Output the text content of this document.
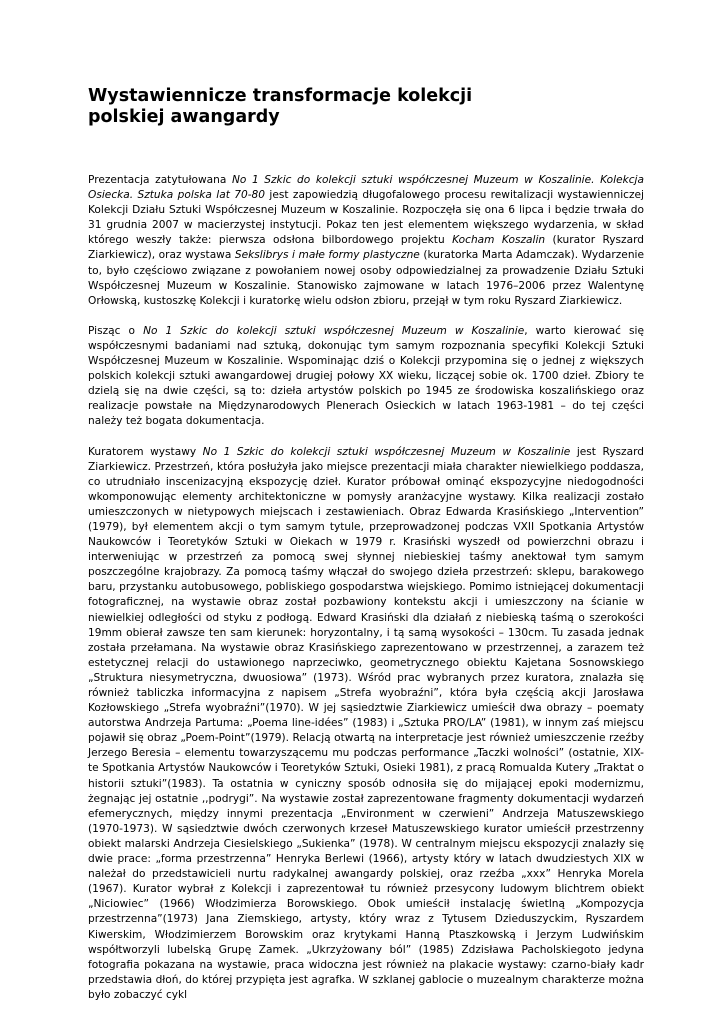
Wystawiennicze transformacje kolekcji
polskiej awangardy

Prezentacja zatytułowana No 1 Szkic do kolekcji sztuki współczesnej Muzeum w Koszalinie. Kolekcja Osiecka. Sztuka polska lat 70-80 jest zapowiedzią długofalowego procesu rewitalizacji wystawienniczej Kolekcji Działu Sztuki Współczesnej Muzeum w Koszalinie. Rozpoczęła się ona 6 lipca i będzie trwała do 31 grudnia 2007 w macierzystej instytucji. Pokaz ten jest elementem większego wydarzenia, w skład którego weszły także: pierwsza odsłona bilbordowego projektu Kocham Koszalin (kurator Ryszard Ziarkiewicz), oraz wystawa Sekslibrys i małe formy plastyczne (kuratorka Marta Adamczak). Wydarzenie to, było częściowo związane z powołaniem nowej osoby odpowiedzialnej za prowadzenie Działu Sztuki Współczesnej Muzeum w Koszalinie. Stanowisko zajmowane w latach 1976–2006 przez Walentynę Orłowską, kustoszkę Kolekcji i kuratorkę wielu odsłon zbioru, przejął w tym roku Ryszard Ziarkiewicz.

Pisząc o No 1 Szkic do kolekcji sztuki współczesnej Muzeum w Koszalinie, warto kierować się współczesnymi badaniami nad sztuką, dokonując tym samym rozpoznania specyfiki Kolekcji Sztuki Współczesnej Muzeum w Koszalinie. Wspominając dziś o Kolekcji przypomina się o jednej z większych polskich kolekcji sztuki awangardowej drugiej połowy XX wieku, liczącej sobie ok. 1700 dzieł. Zbiory te dzielą się na dwie części, są to: dzieła artystów polskich po 1945 ze środowiska koszalińskiego oraz realizacje powstałe na Międzynarodowych Plenerach Osieckich w latach 1963-1981 – do tej części należy też bogata dokumentacja.

Kuratorem wystawy No 1 Szkic do kolekcji sztuki współczesnej Muzeum w Koszalinie jest Ryszard Ziarkiewicz. Przestrzeń, która posłużyła jako miejsce prezentacji miała charakter niewielkiego poddasza, co utrudniało inscenizacyjną ekspozycję dzieł. Kurator próbował ominąć ekspozycyjne niedogodności wkomponowując elementy architektoniczne w pomysły aranżacyjne wystawy. Kilka realizacji zostało umieszczonych w nietypowych miejscach i zestawieniach. Obraz Edwarda Krasińskiego „Intervention” (1979), był elementem akcji o tym samym tytule, przeprowadzonej podczas VXII Spotkania Artystów Naukowców i Teoretyków Sztuki w Oiekach w 1979 r. Krasiński wyszedł od powierzchni obrazu i interweniując w przestrzeń za pomocą swej słynnej niebieskiej taśmy anektował tym samym poszczególne krajobrazy. Za pomocą taśmy włączał do swojego dzieła przestrzeń: sklepu, barakowego baru, przystanku autobusowego, pobliskiego gospodarstwa wiejskiego. Pomimo istniejącej dokumentacji fotograficznej, na wystawie obraz został pozbawiony kontekstu akcji i umieszczony na ścianie w niewielkiej odległości od styku z podłogą. Edward Krasiński dla działań z niebieską taśmą o szerokości 19mm obierał zawsze ten sam kierunek: horyzontalny, i tą samą wysokości – 130cm. Tu zasada jednak została przełamana. Na wystawie obraz Krasińskiego zaprezentowano w przestrzennej, a zarazem też estetycznej relacji do ustawionego naprzeciwko, geometrycznego obiektu Kajetana Sosnowskiego „Struktura niesymetryczna, dwuosiowa” (1973). Wśród prac wybranych przez kuratora, znalazła się również tabliczka informacyjna z napisem „Strefa wyobraźni”, która była częścią akcji Jarosława Kozłowskiego „Strefa wyobraźni”(1970). W jej sąsiedztwie Ziarkiewicz umieścił dwa obrazy – poematy autorstwa Andrzeja Partuma: „Poema line-idées” (1983) i „Sztuka PRO/LA” (1981), w innym zaś miejscu pojawił się obraz „Poem-Point”(1979). Relacją otwartą na interpretacje jest również umieszczenie rzeźby Jerzego Beresia – elementu towarzyszącemu mu podczas performance „Taczki wolności” (ostatnie, XIX-te Spotkania Artystów Naukowców i Teoretyków Sztuki, Osieki 1981), z pracą Romualda Kutery „Traktat o historii sztuki”(1983). Ta ostatnia w cyniczny sposób odnosiła się do mijającej epoki modernizmu, żegnając jej ostatnie ,,podrygi”. Na wystawie został zaprezentowane fragmenty dokumentacji wydarzeń efemerycznych, między innymi prezentacja „Environment w czerwieni” Andrzeja Matuszewskiego (1970-1973). W sąsiedztwie dwóch czerwonych krzeseł Matuszewskiego kurator umieścił przestrzenny obiekt malarski Andrzeja Ciesielskiego „Sukienka” (1978). W centralnym miejscu ekspozycji znalazły się dwie prace: „forma przestrzenna” Henryka Berlewi (1966), artysty który w latach dwudziestych XIX w należał do przedstawicieli nurtu radykalnej awangardy polskiej, oraz rzeźba „xxx” Henryka Morela (1967). Kurator wybrał z Kolekcji i zaprezentował tu również przesycony ludowym blichtrem obiekt „Niciowiec” (1966) Włodzimierza Borowskiego. Obok umieścił instalację świetlną „Kompozycja przestrzenna”(1973) Jana Ziemskiego, artysty, który wraz z Tytusem Dzieduszyckim, Ryszardem Kiwerskim, Włodzimierzem Borowskim oraz krytykami Hanną Ptaszkowską i Jerzym Ludwińskim współtworzyli lubelską Grupę Zamek. „Ukrzyżowany ból” (1985) Zdzisława Pacholskiegoto jedyna fotografia pokazana na wystawie, praca widoczna jest również na plakacie wystawy: czarno-biały kadr przedstawia dłoń, do której przypięta jest agrafka. W szklanej gablocie o muzealnym charakterze można było zobaczyć cykl
